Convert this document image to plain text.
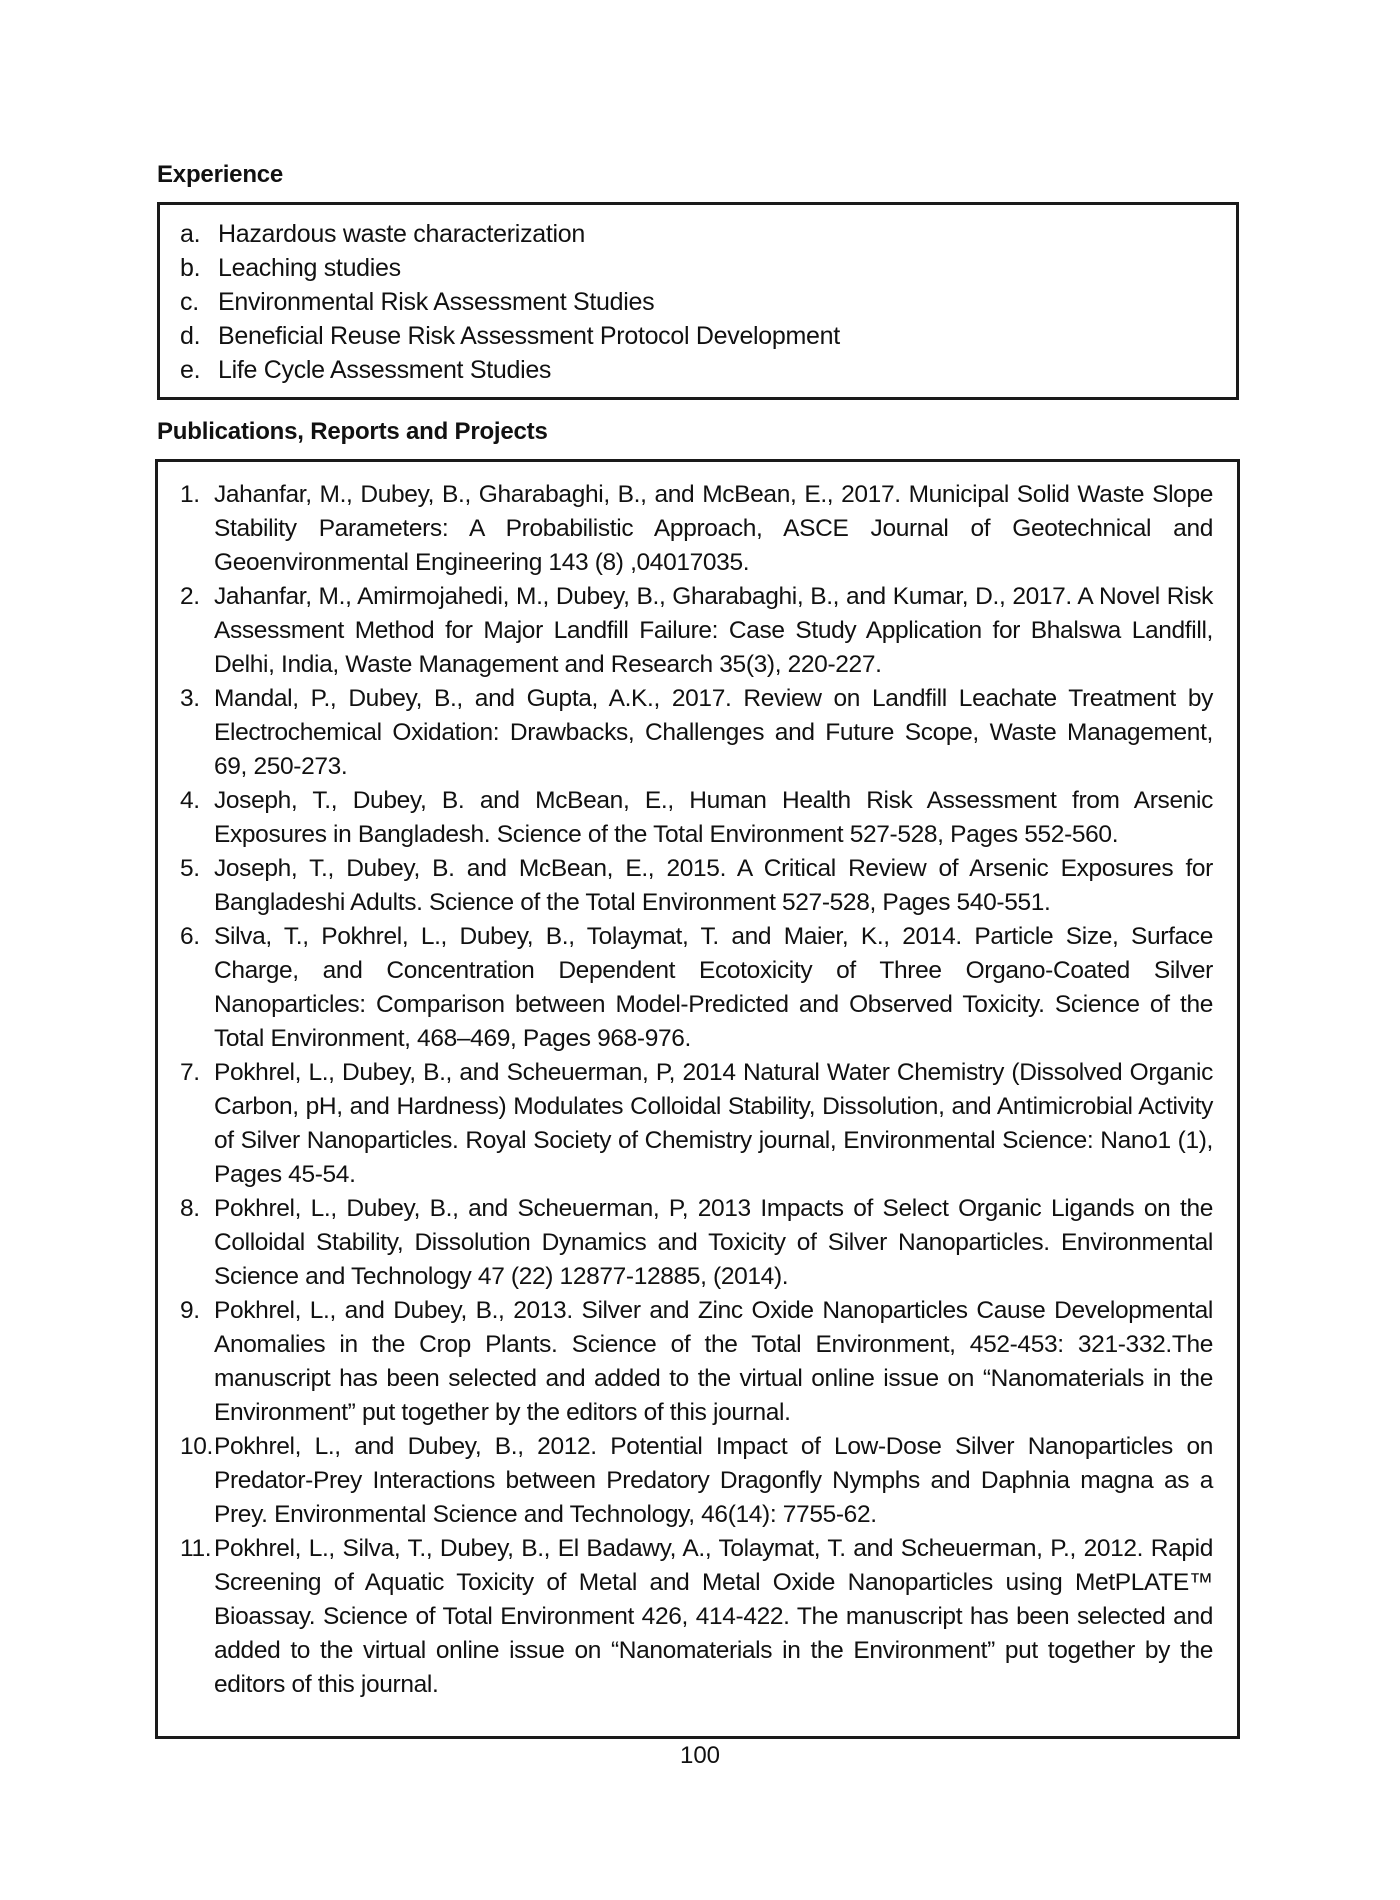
Experience
a. Hazardous waste characterization
b. Leaching studies
c. Environmental Risk Assessment Studies
d. Beneficial Reuse Risk Assessment Protocol Development
e. Life Cycle Assessment Studies
Publications, Reports and Projects
1. Jahanfar, M., Dubey, B., Gharabaghi, B., and McBean, E., 2017. Municipal Solid Waste Slope Stability Parameters: A Probabilistic Approach, ASCE Journal of Geotechnical and Geoenvironmental Engineering 143 (8) ,04017035.
2. Jahanfar, M., Amirmojahedi, M., Dubey, B., Gharabaghi, B., and Kumar, D., 2017. A Novel Risk Assessment Method for Major Landfill Failure: Case Study Application for Bhalswa Landfill, Delhi, India, Waste Management and Research 35(3), 220-227.
3. Mandal, P., Dubey, B., and Gupta, A.K., 2017. Review on Landfill Leachate Treatment by Electrochemical Oxidation: Drawbacks, Challenges and Future Scope, Waste Management, 69, 250-273.
4. Joseph, T., Dubey, B. and McBean, E., Human Health Risk Assessment from Arsenic Exposures in Bangladesh. Science of the Total Environment 527-528, Pages 552-560.
5. Joseph, T., Dubey, B. and McBean, E., 2015. A Critical Review of Arsenic Exposures for Bangladeshi Adults. Science of the Total Environment 527-528, Pages 540-551.
6. Silva, T., Pokhrel, L., Dubey, B., Tolaymat, T. and Maier, K., 2014. Particle Size, Surface Charge, and Concentration Dependent Ecotoxicity of Three Organo-Coated Silver Nanoparticles: Comparison between Model-Predicted and Observed Toxicity. Science of the Total Environment, 468–469, Pages 968-976.
7. Pokhrel, L., Dubey, B., and Scheuerman, P, 2014 Natural Water Chemistry (Dissolved Organic Carbon, pH, and Hardness) Modulates Colloidal Stability, Dissolution, and Antimicrobial Activity of Silver Nanoparticles. Royal Society of Chemistry journal, Environmental Science: Nano1 (1), Pages 45-54.
8. Pokhrel, L., Dubey, B., and Scheuerman, P, 2013 Impacts of Select Organic Ligands on the Colloidal Stability, Dissolution Dynamics and Toxicity of Silver Nanoparticles. Environmental Science and Technology 47 (22) 12877-12885, (2014).
9. Pokhrel, L., and Dubey, B., 2013. Silver and Zinc Oxide Nanoparticles Cause Developmental Anomalies in the Crop Plants. Science of the Total Environment, 452-453: 321-332.The manuscript has been selected and added to the virtual online issue on “Nanomaterials in the Environment” put together by the editors of this journal.
10. Pokhrel, L., and Dubey, B., 2012. Potential Impact of Low-Dose Silver Nanoparticles on Predator-Prey Interactions between Predatory Dragonfly Nymphs and Daphnia magna as a Prey. Environmental Science and Technology, 46(14): 7755-62.
11. Pokhrel, L., Silva, T., Dubey, B., El Badawy, A., Tolaymat, T. and Scheuerman, P., 2012. Rapid Screening of Aquatic Toxicity of Metal and Metal Oxide Nanoparticles using MetPLATE™ Bioassay. Science of Total Environment 426, 414-422. The manuscript has been selected and added to the virtual online issue on “Nanomaterials in the Environment” put together by the editors of this journal.
100
